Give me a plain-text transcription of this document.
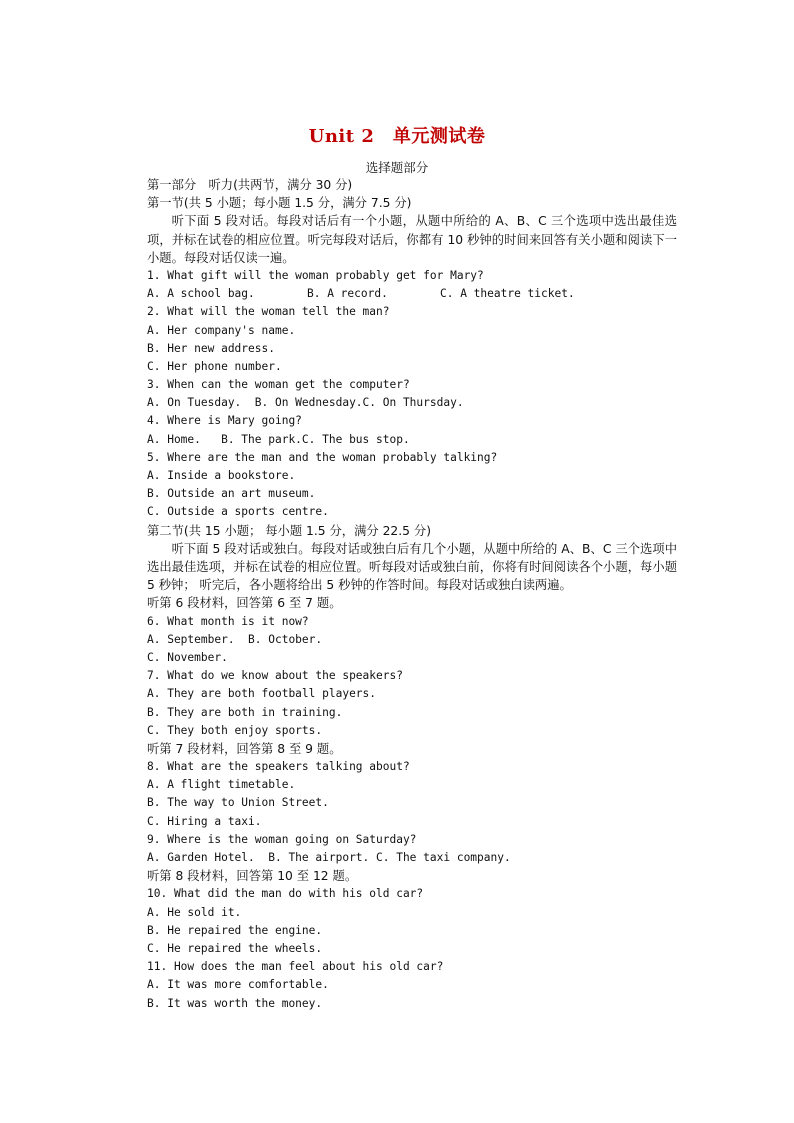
Unit 2　单元测试卷
选择题部分
第一部分　听力(共两节，满分 30 分)
第一节(共 5 小题；每小题 1.5 分，满分 7.5 分)

听下面 5 段对话。每段对话后有一个小题，从题中所给的 A、B、C 三个选项中选出最佳选项，并标在试卷的相应位置。听完每段对话后，你都有 10 秒钟的时间来回答有关小题和阅读下一小题。每段对话仅读一遍。

1. What gift will the woman probably get for Mary?
A. A school bag.	B. A record.	C. A theatre ticket.
2. What will the woman tell the man?
A. Her company's name.
B. Her new address.
C. Her phone number.
3. When can the woman get the computer?
A. On Tuesday.  B. On Wednesday.C. On Thursday.
4. Where is Mary going?
A. Home.   B. The park.C. The bus stop.
5. Where are the man and the woman probably talking?
A. Inside a bookstore.
B. Outside an art museum.
C. Outside a sports centre.
第二节(共 15 小题； 每小题 1.5 分，满分 22.5 分)

听下面 5 段对话或独白。每段对话或独白后有几个小题，从题中所给的 A、B、C 三个选项中选出最佳选项，并标在试卷的相应位置。听每段对话或独白前，你将有时间阅读各个小题，每小题 5 秒钟； 听完后，各小题将给出 5 秒钟的作答时间。每段对话或独白读两遍。

听第 6 段材料，回答第 6 至 7 题。
6. What month is it now?
A. September.  B. October.
C. November.
7. What do we know about the speakers?
A. They are both football players.
B. They are both in training.
C. They both enjoy sports.
听第 7 段材料，回答第 8 至 9 题。
8. What are the speakers talking about?
A. A flight timetable.
B. The way to Union Street.
C. Hiring a taxi.
9. Where is the woman going on Saturday?
A. Garden Hotel.  B. The airport. C. The taxi company.
听第 8 段材料，回答第 10 至 12 题。
10. What did the man do with his old car?
A. He sold it.
B. He repaired the engine.
C. He repaired the wheels.
11. How does the man feel about his old car?
A. It was more comfortable.
B. It was worth the money.
